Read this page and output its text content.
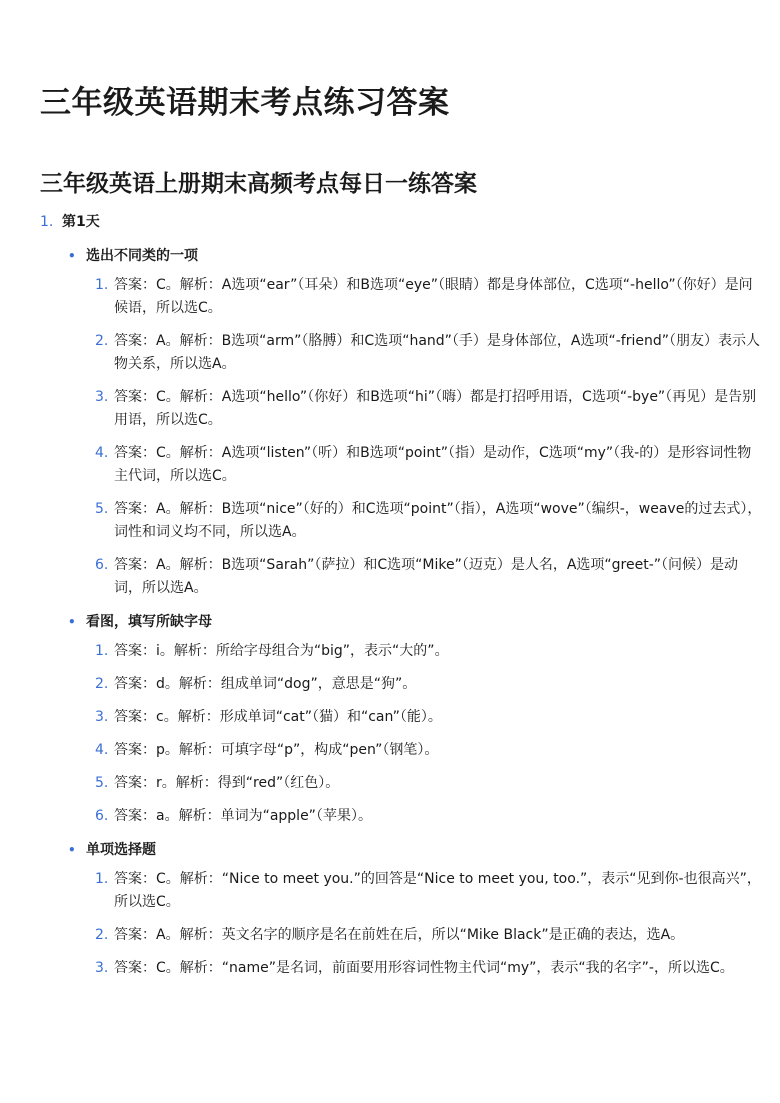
三年级英语期末考点练习答案
三年级英语上册期末高频考点每日一练答案
1. 第1天
• 选出不同类的一项
1. 答案：C。解析：A选项“ear”（耳朵）和B选项“eye”（眼睛）都是身体部位，C选项“-hello”（你好）是问候语，所以选C。
2. 答案：A。解析：B选项“arm”（胳膊）和C选项“hand”（手）是身体部位，A选项“-friend”（朋友）表示人物关系，所以选A。
3. 答案：C。解析：A选项“hello”（你好）和B选项“hi”（嗨）都是打招呼用语，C选项“-bye”（再见）是告别用语，所以选C。
4. 答案：C。解析：A选项“listen”（听）和B选项“point”（指）是动作，C选项“my”（我-的）是形容词性物主代词，所以选C。
5. 答案：A。解析：B选项“nice”（好的）和C选项“point”（指），A选项“wove”（编织-，weave的过去式），词性和词义均不同，所以选A。
6. 答案：A。解析：B选项“Sarah”（萨拉）和C选项“Mike”（迈克）是人名，A选项“greet-”（问候）是动词，所以选A。
• 看图，填写所缺字母
1. 答案：i。解析：所给字母组合为“big”，表示“大的”。
2. 答案：d。解析：组成单词“dog”，意思是“狗”。
3. 答案：c。解析：形成单词“cat”（猫）和“can”（能）。
4. 答案：p。解析：可填字母“p”，构成“pen”（钢笔）。
5. 答案：r。解析：得到“red”（红色）。
6. 答案：a。解析：单词为“apple”（苹果）。
• 单项选择题
1. 答案：C。解析：“Nice to meet you.”的回答是“Nice to meet you, too.”，表示“见到你-也很高兴”，所以选C。
2. 答案：A。解析：英文名字的顺序是名在前姓在后，所以“Mike Black”是正确的表达，选A。
3. 答案：C。解析：“name”是名词，前面要用形容词性物主代词“my”，表示“我的名字”-，所以选C。
